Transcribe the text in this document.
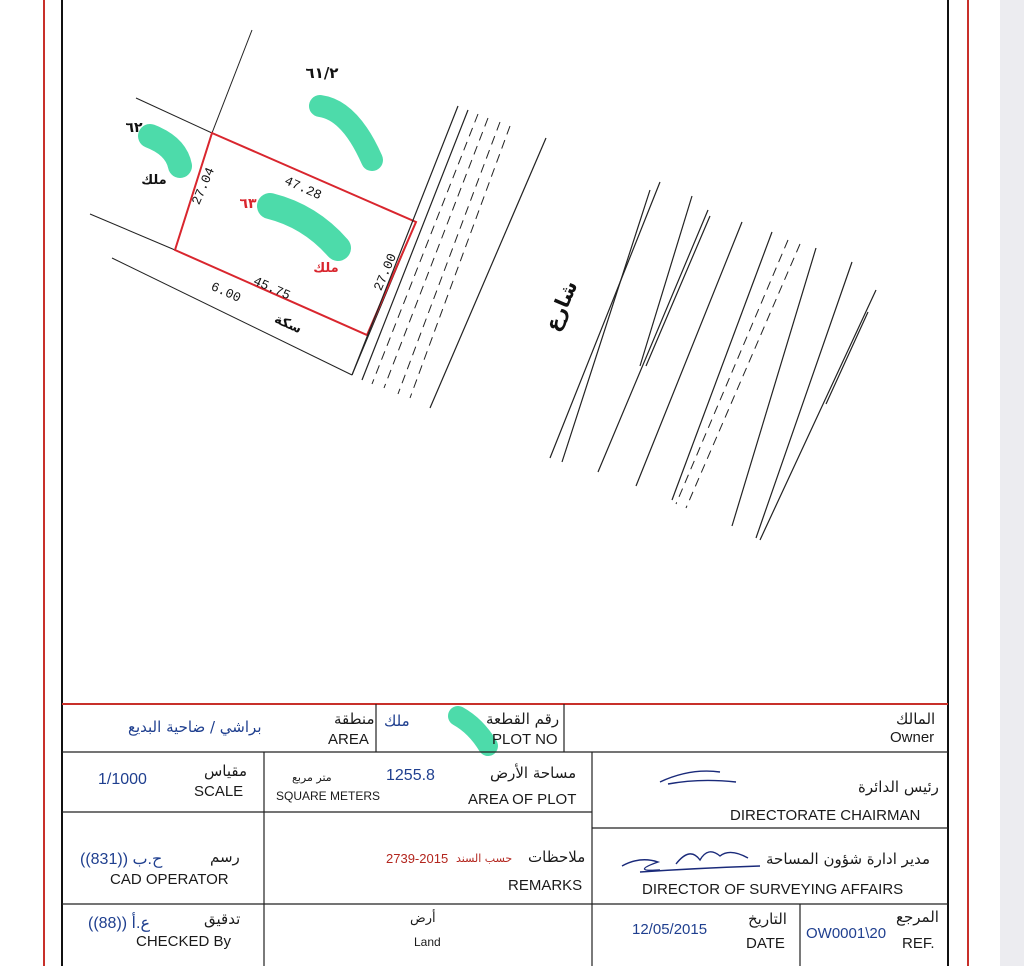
٦١/٢
٦٢
ملك	47.28
27.04
27.00
45.75
٦٣
ملك
6.00
سكة	شارع
براشي / ضاحية البديع	منطقة
AREA
ملك	رقم القطعة
PLOT NO
المالك
Owner
1/1000	مقياس
SCALE
متر مربع
SQUARE METERS
1255.8	مساحة الأرض
AREA OF PLOT
رئيس الدائرة
DIRECTORATE CHAIRMAN
ح.ب ((831))	رسم
CAD OPERATOR
2739-2015 حسب السند ملاحظات
REMARKS
مدير ادارة شؤون المساحة
DIRECTOR OF SURVEYING AFFAIRS
ع.أ ((88))	تدقيق
CHECKED By
أرض
Land
12/05/2015
التاريخ
DATE
OW0001\20
المرجع
REF.
